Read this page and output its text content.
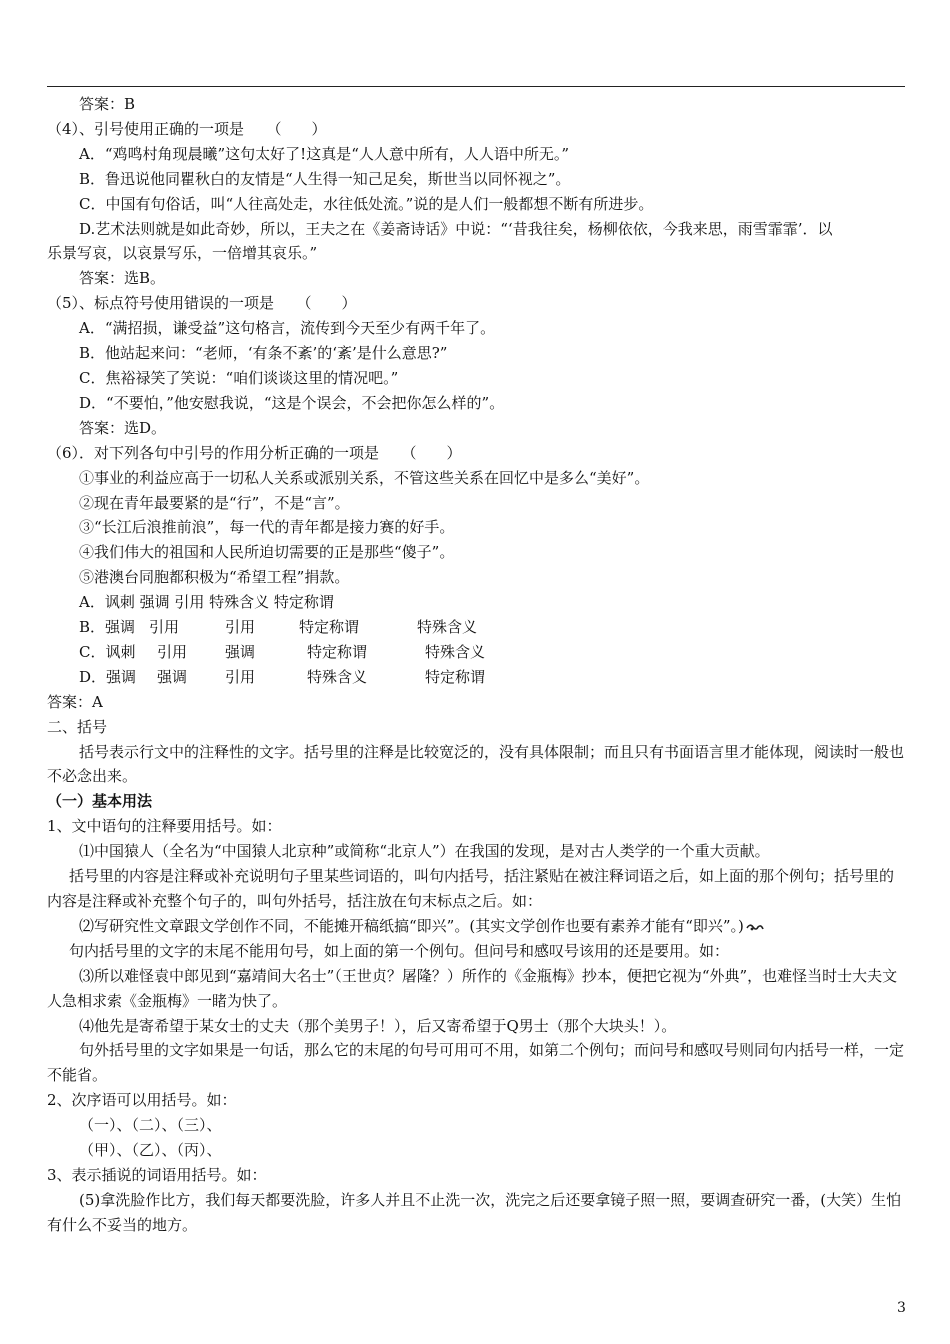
答案：B
（4）、引号使用正确的一项是　　（　　）
A．“鸡鸣村角现晨曦”这句太好了!这真是“人人意中所有，人人语中所无。”
B．鲁迅说他同瞿秋白的友情是“人生得一知己足矣，斯世当以同怀视之”。
C．中国有句俗话，叫“人往高处走，水往低处流。”说的是人们一般都想不断有所进步。
D.艺术法则就是如此奇妙，所以，王夫之在《姜斋诗话》中说：“‘昔我往矣，杨柳依依，今我来思，雨雪霏霏’．以
乐景写哀，以哀景写乐，一倍增其哀乐。”
答案：选B。
（5）、标点符号使用错误的一项是　　（　　）
A．“满招损，谦受益”这句格言，流传到今天至少有两千年了。
B．他站起来问：“老师，‘有条不紊’的‘紊’是什么意思?”
C．焦裕禄笑了笑说：“咱们谈谈这里的情况吧。”
D．“不要怕，”他安慰我说，“这是个误会，不会把你怎么样的”。
答案：选D。
（6）．对下列各句中引号的作用分析正确的一项是　　（　　）
①事业的利益应高于一切私人关系或派别关系，不管这些关系在回忆中是多么“美好”。
②现在青年最要紧的是“行”，不是“言”。
③“长江后浪推前浪”，每一代的青年都是接力赛的好手。
④我们伟大的祖国和人民所迫切需要的正是那些“傻子”。
⑤港澳台同胞都积极为“希望工程”捐款。
A．讽刺 强调 引用 特殊含义 特定称谓
B．强调 引用	引用	特定称谓	特殊含义
C．讽刺 引用	强调	特定称谓	特殊含义
D．强调 强调	引用	特殊含义	特定称谓
答案：A
二、括号
括号表示行文中的注释性的文字。括号里的注释是比较宽泛的，没有具体限制；而且只有书面语言里才能体现，阅读时一般也不必念出来。
（一）基本用法
1、文中语句的注释要用括号。如：
⑴中国猿人（全名为“中国猿人北京种”或简称“北京人”）在我国的发现，是对古人类学的一个重大贡献。
括号里的内容是注释或补充说明句子里某些词语的，叫句内括号，括注紧贴在被注释词语之后，如上面的那个例句；括号里的内容是注释或补充整个句子的，叫句外括号，括注放在句末标点之后。如：
⑵写研究性文章跟文学创作不同，不能摊开稿纸搞“即兴”。(其实文学创作也要有素养才能有“即兴”。)
句内括号里的文字的末尾不能用句号，如上面的第一个例句。但问号和感叹号该用的还是要用。如：
⑶所以难怪袁中郎见到“嘉靖间大名士”（王世贞？屠隆？）所作的《金瓶梅》抄本，便把它视为“外典”，也难怪当时士大夫文人急相求索《金瓶梅》一睹为快了。
⑷他先是寄希望于某女士的丈夫（那个美男子！），后又寄希望于Q男士（那个大块头！）。
句外括号里的文字如果是一句话，那么它的末尾的句号可用可不用，如第二个例句；而问号和感叹号则同句内括号一样，一定不能省。
2、次序语可以用括号。如：
（一）、（二）、（三）、
（甲）、（乙）、（丙）、
3、表示插说的词语用括号。如：
(5)拿洗脸作比方，我们每天都要洗脸，许多人并且不止洗一次，洗完之后还要拿镜子照一照，要调查研究一番，(大笑）生怕有什么不妥当的地方。
3
